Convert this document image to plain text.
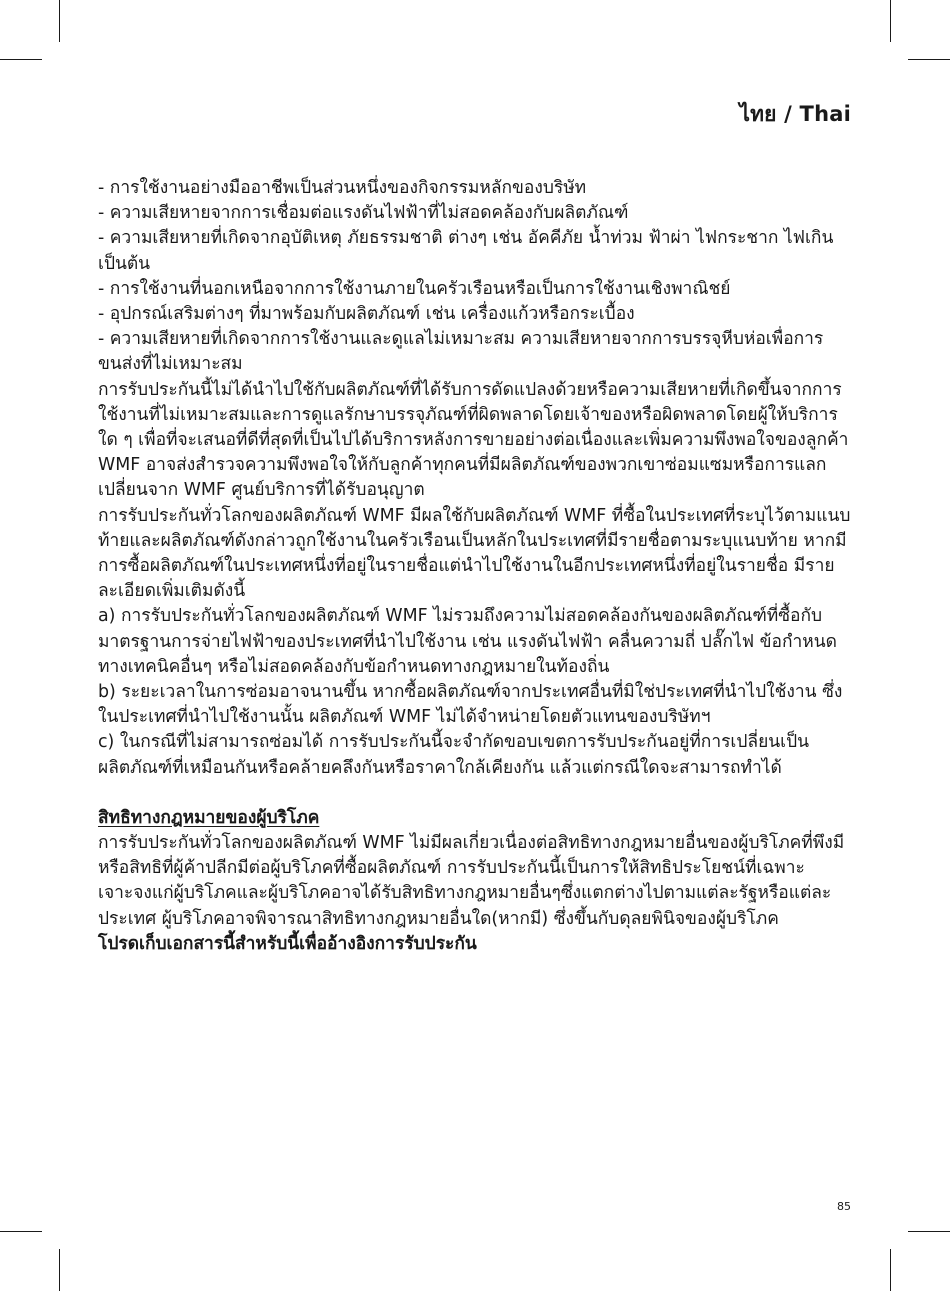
ไทย / Thai

- การใช้งานอย่างมืออาชีพเป็นส่วนหนึ่งของกิจกรรมหลักของบริษัท

- ความเสียหายจากการเชื่อมต่อแรงดันไฟฟ้าที่ไม่สอดคล้องกับผลิตภัณฑ์

- ความเสียหายที่เกิดจากอุบัติเหตุ ภัยธรรมชาติ ต่างๆ เช่น อัคคีภัย น้ำท่วม ฟ้าผ่า ไฟกระชาก ไฟเกินเป็นต้น

- การใช้งานที่นอกเหนือจากการใช้งานภายในครัวเรือนหรือเป็นการใช้งานเชิงพาณิชย์

- อุปกรณ์เสริมต่างๆ ที่มาพร้อมกับผลิตภัณฑ์ เช่น เครื่องแก้วหรือกระเบื้อง

- ความเสียหายที่เกิดจากการใช้งานและดูแลไม่เหมาะสม ความเสียหายจากการบรรจุหีบห่อเพื่อการขนส่งที่ไม่เหมาะสม

การรับประกันนี้ไม่ได้นำไปใช้กับผลิตภัณฑ์ที่ได้รับการดัดแปลงด้วยหรือความเสียหายที่เกิดขึ้นจากการใช้งานที่ไม่เหมาะสมและการดูแลรักษาบรรจุภัณฑ์ที่ผิดพลาดโดยเจ้าของหรือผิดพลาดโดยผู้ให้บริการใด ๆ เพื่อที่จะเสนอที่ดีที่สุดที่เป็นไปได้บริการหลังการขายอย่างต่อเนื่องและเพิ่มความพึงพอใจของลูกค้า WMF อาจส่งสำรวจความพึงพอใจให้กับลูกค้าทุกคนที่มีผลิตภัณฑ์ของพวกเขาซ่อมแซมหรือการแลกเปลี่ยนจาก WMF ศูนย์บริการที่ได้รับอนุญาต

การรับประกันทั่วโลกของผลิตภัณฑ์ WMF มีผลใช้กับผลิตภัณฑ์ WMF ที่ซื้อในประเทศที่ระบุไว้ตามแนบท้ายและผลิตภัณฑ์ดังกล่าวถูกใช้งานในครัวเรือนเป็นหลักในประเทศที่มีรายชื่อตามระบุแนบท้าย หากมีการซื้อผลิตภัณฑ์ในประเทศหนึ่งที่อยู่ในรายชื่อแต่นำไปใช้งานในอีกประเทศหนึ่งที่อยู่ในรายชื่อ มีรายละเอียดเพิ่มเติมดังนี้

a) การรับประกันทั่วโลกของผลิตภัณฑ์ WMF ไม่รวมถึงความไม่สอดคล้องกันของผลิตภัณฑ์ที่ซื้อกับมาตรฐานการจ่ายไฟฟ้าของประเทศที่นำไปใช้งาน เช่น แรงดันไฟฟ้า คลื่นความถี่ ปลั๊กไฟ ข้อกำหนดทางเทคนิคอื่นๆ หรือไม่สอดคล้องกับข้อกำหนดทางกฎหมายในท้องถิ่น

b) ระยะเวลาในการซ่อมอาจนานขึ้น หากซื้อผลิตภัณฑ์จากประเทศอื่นที่มิใช่ประเทศที่นำไปใช้งาน ซึ่งในประเทศที่นำไปใช้งานนั้น ผลิตภัณฑ์ WMF ไม่ได้จำหน่ายโดยตัวแทนของบริษัทฯ

c) ในกรณีที่ไม่สามารถซ่อมได้ การรับประกันนี้จะจำกัดขอบเขตการรับประกันอยู่ที่การเปลี่ยนเป็นผลิตภัณฑ์ที่เหมือนกันหรือคล้ายคลึงกันหรือราคาใกล้เคียงกัน แล้วแต่กรณีใดจะสามารถทำได้

สิทธิทางกฎหมายของผู้บริโภค

การรับประกันทั่วโลกของผลิตภัณฑ์ WMF ไม่มีผลเกี่ยวเนื่องต่อสิทธิทางกฎหมายอื่นของผู้บริโภคที่พึงมีหรือสิทธิที่ผู้ค้าปลีกมีต่อผู้บริโภคที่ซื้อผลิตภัณฑ์ การรับประกันนี้เป็นการให้สิทธิประโยชน์ที่เฉพาะเจาะจงแก่ผู้บริโภคและผู้บริโภคอาจได้รับสิทธิทางกฎหมายอื่นๆซึ่งแตกต่างไปตามแต่ละรัฐหรือแต่ละประเทศ ผู้บริโภคอาจพิจารณาสิทธิทางกฎหมายอื่นใด(หากมี) ซึ่งขึ้นกับดุลยพินิจของผู้บริโภค

โปรดเก็บเอกสารนี้สำหรับนี้เพื่ออ้างอิงการรับประกัน

85
